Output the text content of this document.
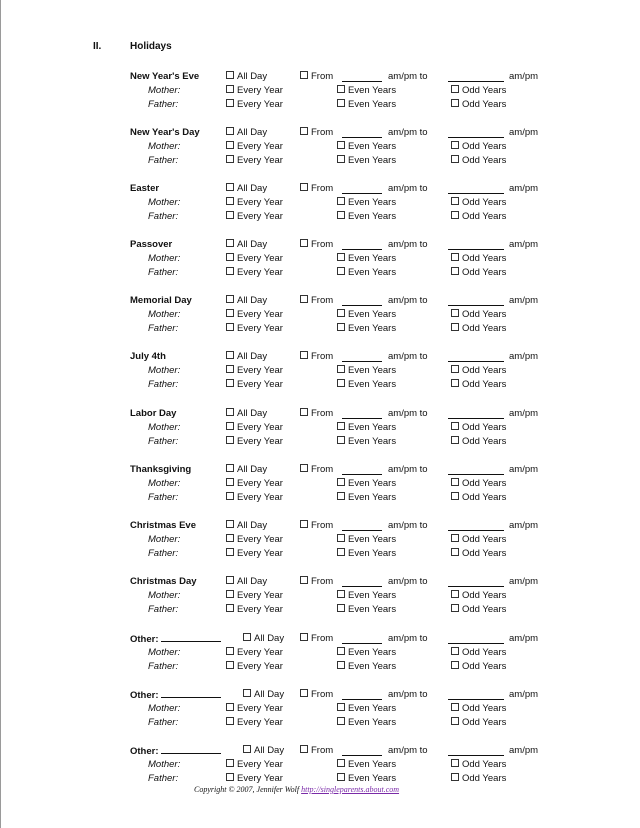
II.	Holidays
New Year's Eve	All Day	From	am/pm to	am/pm
Mother:	Every Year	Even Years	Odd Years
Father:	Every Year	Even Years	Odd Years
New Year's Day	All Day	From	am/pm to	am/pm
Mother:	Every Year	Even Years	Odd Years
Father:	Every Year	Even Years	Odd Years
Easter	All Day	From	am/pm to	am/pm
Mother:	Every Year	Even Years	Odd Years
Father:	Every Year	Even Years	Odd Years
Passover	All Day	From	am/pm to	am/pm
Mother:	Every Year	Even Years	Odd Years
Father:	Every Year	Even Years	Odd Years
Memorial Day	All Day	From	am/pm to	am/pm
Mother:	Every Year	Even Years	Odd Years
Father:	Every Year	Even Years	Odd Years
July 4th	All Day	From	am/pm to	am/pm
Mother:	Every Year	Even Years	Odd Years
Father:	Every Year	Even Years	Odd Years
Labor Day	All Day	From	am/pm to	am/pm
Mother:	Every Year	Even Years	Odd Years
Father:	Every Year	Even Years	Odd Years
Thanksgiving	All Day	From	am/pm to	am/pm
Mother:	Every Year	Even Years	Odd Years
Father:	Every Year	Even Years	Odd Years
Christmas Eve	All Day	From	am/pm to	am/pm
Mother:	Every Year	Even Years	Odd Years
Father:	Every Year	Even Years	Odd Years
Christmas Day	All Day	From	am/pm to	am/pm
Mother:	Every Year	Even Years	Odd Years
Father:	Every Year	Even Years	Odd Years
Other:	All Day	From	am/pm to	am/pm
Mother:	Every Year	Even Years	Odd Years
Father:	Every Year	Even Years	Odd Years
Other:	All Day	From	am/pm to	am/pm
Mother:	Every Year	Even Years	Odd Years
Father:	Every Year	Even Years	Odd Years
Other:	All Day	From	am/pm to	am/pm
Mother:	Every Year	Even Years	Odd Years
Father:	Every Year	Even Years	Odd Years
Copyright © 2007, Jennifer Wolf http://singleparents.about.com
